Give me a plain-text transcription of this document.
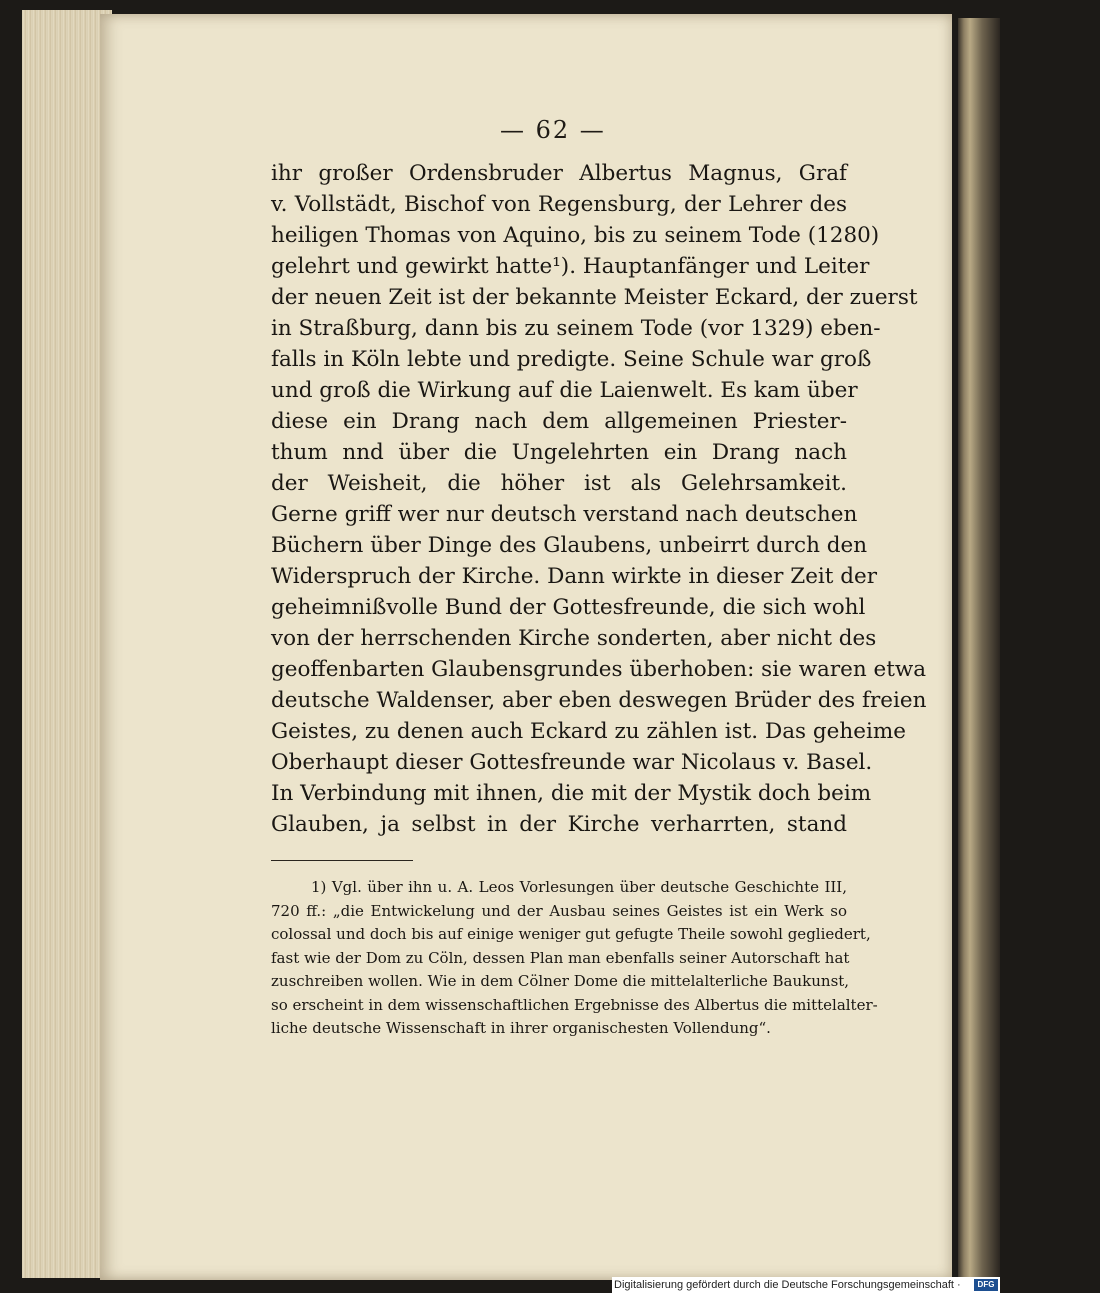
— 62 —
ihr großer Ordensbruder Albertus Magnus, Graf
v. Vollstädt, Bischof von Regensburg, der Lehrer des
heiligen Thomas von Aquino, bis zu seinem Tode (1280)
gelehrt und gewirkt hatte¹). Hauptanfänger und Leiter
der neuen Zeit ist der bekannte Meister Eckard, der zuerst
in Straßburg, dann bis zu seinem Tode (vor 1329) eben-
falls in Köln lebte und predigte. Seine Schule war groß
und groß die Wirkung auf die Laienwelt. Es kam über
diese ein Drang nach dem allgemeinen Priester-
thum nnd über die Ungelehrten ein Drang nach
der Weisheit, die höher ist als Gelehrsamkeit.
Gerne griff wer nur deutsch verstand nach deutschen
Büchern über Dinge des Glaubens, unbeirrt durch den
Widerspruch der Kirche. Dann wirkte in dieser Zeit der
geheimnißvolle Bund der Gottesfreunde, die sich wohl
von der herrschenden Kirche sonderten, aber nicht des
geoffenbarten Glaubensgrundes überhoben: sie waren etwa
deutsche Waldenser, aber eben deswegen Brüder des freien
Geistes, zu denen auch Eckard zu zählen ist. Das geheime
Oberhaupt dieser Gottesfreunde war Nicolaus v. Basel.
In Verbindung mit ihnen, die mit der Mystik doch beim
Glauben, ja selbst in der Kirche verharrten, stand
1) Vgl. über ihn u. A. Leos Vorlesungen über deutsche Geschichte III,
720 ff.: „die Entwickelung und der Ausbau seines Geistes ist ein Werk so
colossal und doch bis auf einige weniger gut gefugte Theile sowohl gegliedert,
fast wie der Dom zu Cöln, dessen Plan man ebenfalls seiner Autorschaft hat
zuschreiben wollen. Wie in dem Cölner Dome die mittelalterliche Baukunst,
so erscheint in dem wissenschaftlichen Ergebnisse des Albertus die mittelalter-
liche deutsche Wissenschaft in ihrer organischesten Vollendung“.
Digitalisierung gefördert durch die Deutsche Forschungsgemeinschaft ·	DFG
